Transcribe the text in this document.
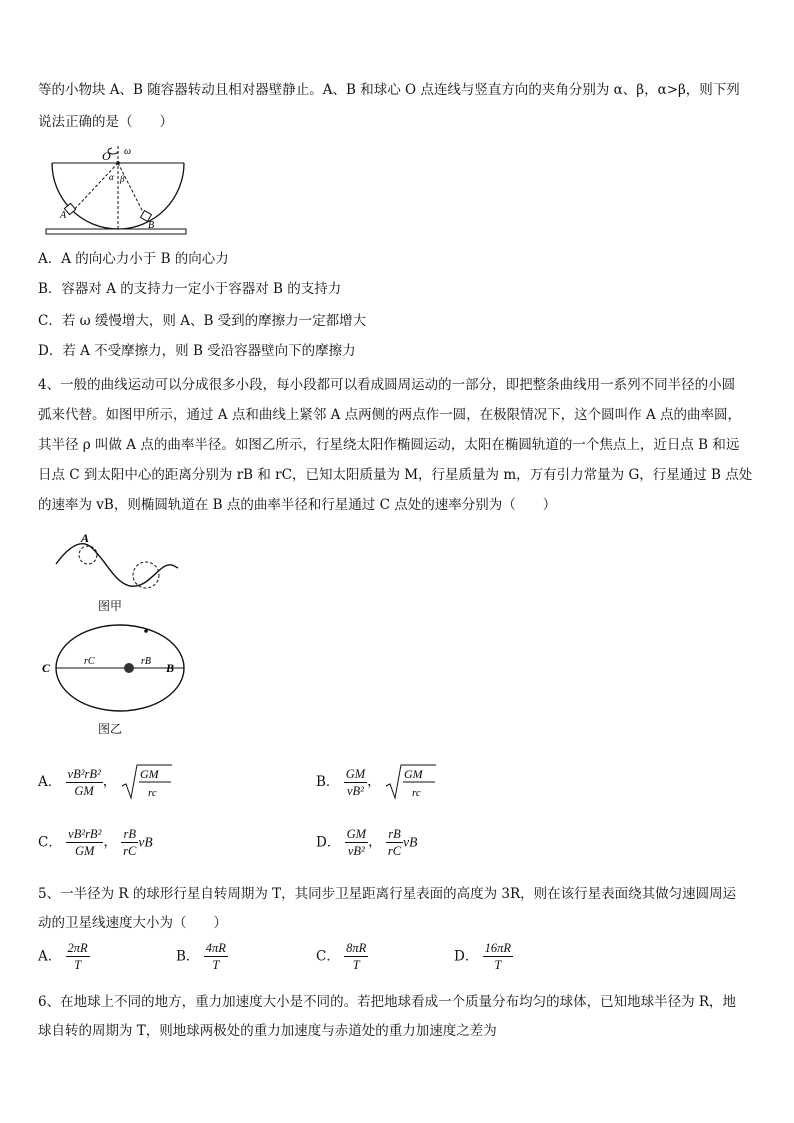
等的小物块 A、B 随容器转动且相对器壁静止。A、B 和球心 O 点连线与竖直方向的夹角分别为 α、β，α>β，则下列
说法正确的是（　　）
O ω
α β
A
B
A．A 的向心力小于 B 的向心力
B．容器对 A 的支持力一定小于容器对 B 的支持力
C．若 ω 缓慢增大，则 A、B 受到的摩擦力一定都增大
D．若 A 不受摩擦力，则 B 受沿容器壁向下的摩擦力
4、一般的曲线运动可以分成很多小段，每小段都可以看成圆周运动的一部分，即把整条曲线用一系列不同半径的小圆
弧来代替。如图甲所示，通过 A 点和曲线上紧邻 A 点两侧的两点作一圆，在极限情况下，这个圆叫作 A 点的曲率圆，
其半径 ρ 叫做 A 点的曲率半径。如图乙所示，行星绕太阳作椭圆运动，太阳在椭圆轨道的一个焦点上，近日点 B 和远
日点 C 到太阳中心的距离分别为 rB 和 rC，已知太阳质量为 M，行星质量为 m，万有引力常量为 G，行星通过 B 点处
的速率为 vB，则椭圆轨道在 B 点的曲率半径和行星通过 C 点处的速率分别为（　　）
A
图甲
C	B
rC	rB
图乙
A． $\frac{\text{vB²rB²}}{GM}$ ， GM
rc
B． $\frac{GM}{\text{vB²}}$ ， GM
rc
C． $\frac{\text{vB²rB²}}{GM}$ ， $\frac{rB}{rC}$ vB	D． $\frac{GM}{\text{vB²}}$ ， $\frac{rB}{rC}$ vB
5、一半径为 R 的球形行星自转周期为 T，其同步卫星距离行星表面的高度为 3R，则在该行星表面绕其做匀速圆周运
动的卫星线速度大小为（　　）
A． $\frac{2\pi R}{T}$	B． $\frac{4\pi R}{T}$	C． $\frac{8\pi R}{T}$	D． $\frac{16\pi R}{T}$
6、在地球上不同的地方，重力加速度大小是不同的。若把地球看成一个质量分布均匀的球体，已知地球半径为 R，地
球自转的周期为 T，则地球两极处的重力加速度与赤道处的重力加速度之差为
